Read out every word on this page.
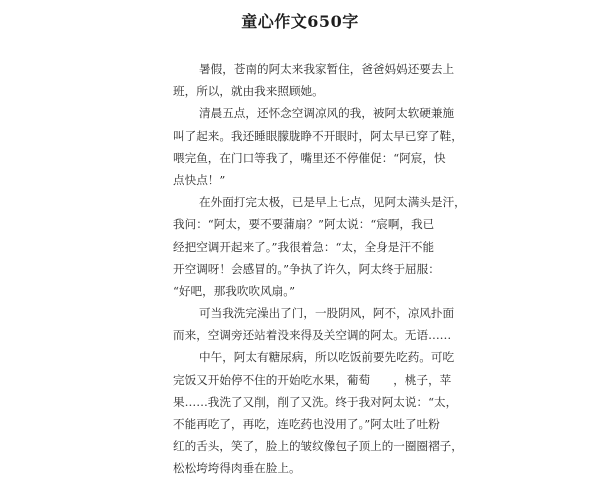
童心作文650字
暑假，苍南的阿太来我家暂住，爸爸妈妈还要去上
班，所以，就由我来照顾她。
清晨五点，还怀念空调凉风的我，被阿太软硬兼施
叫了起来。我还睡眼朦胧睁不开眼时，阿太早已穿了鞋，
喂完鱼，在门口等我了，嘴里还不停催促：“阿宸，快
点快点！”
在外面打完太极，已是早上七点，见阿太满头是汗，
我问：“阿太，要不要蒲扇？”阿太说：“宸啊，我已
经把空调开起来了。”我很着急：“太，全身是汗不能
开空调呀！会感冒的。”争执了许久，阿太终于屈服：
“好吧，那我吹吹风扇。”
可当我洗完澡出了门，一股阴风，阿不，凉风扑面
而来，空调旁还站着没来得及关空调的阿太。无语……
中午，阿太有糖尿病，所以吃饭前要先吃药。可吃
完饭又开始停不住的开始吃水果，葡萄　　，桃子，苹
果……我洗了又削，削了又洗。终于我对阿太说：“太，
不能再吃了，再吃，连吃药也没用了。”阿太吐了吐粉
红的舌头，笑了，脸上的皱纹像包子顶上的一圈圈褶子，
松松垮垮得肉垂在脸上。
